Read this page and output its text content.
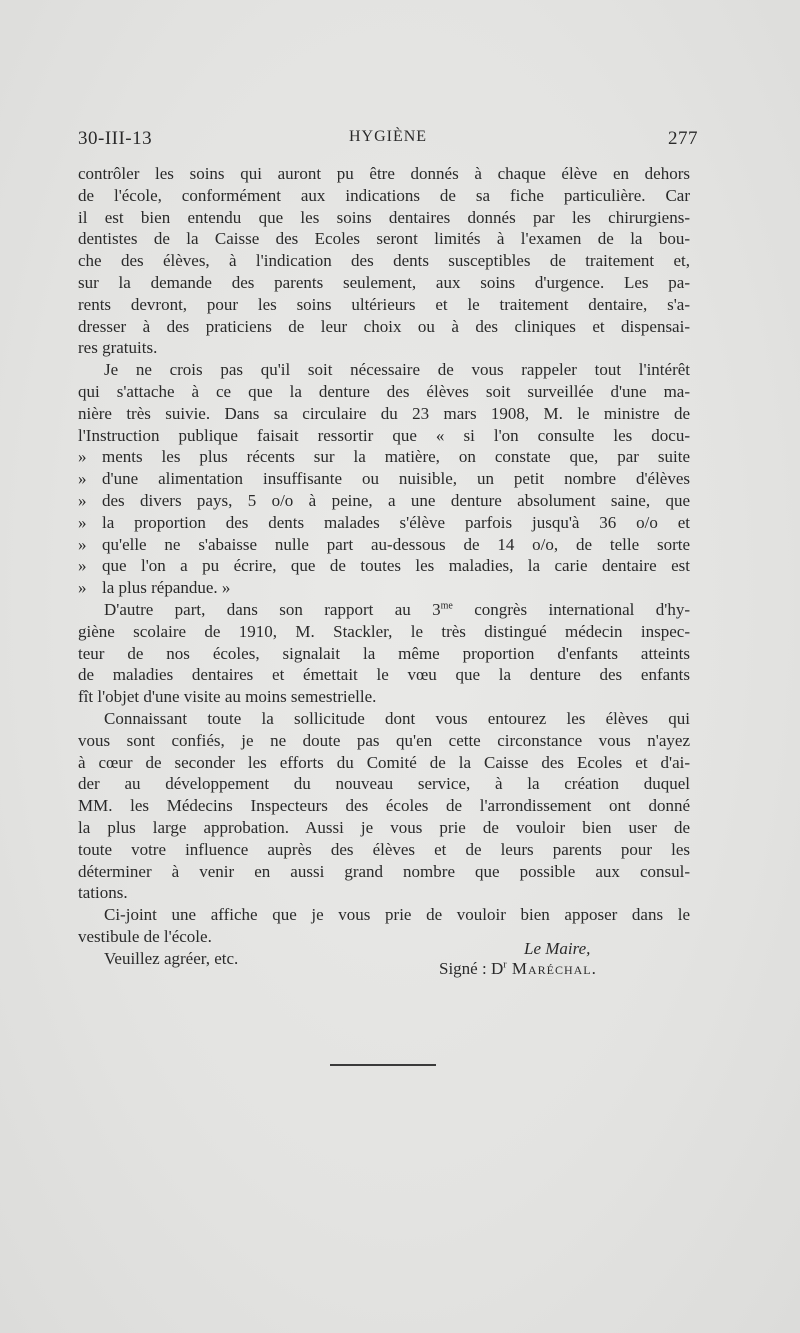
30-III-13	HYGIÈNE	277

contrôler les soins qui auront pu être donnés à chaque élève en dehors
de l'école, conformément aux indications de sa fiche particulière. Car
il est bien entendu que les soins dentaires donnés par les chirurgiens-
dentistes de la Caisse des Ecoles seront limités à l'examen de la bou-
che des élèves, à l'indication des dents susceptibles de traitement et,
sur la demande des parents seulement, aux soins d'urgence. Les pa-
rents devront, pour les soins ultérieurs et le traitement dentaire, s'a-
dresser à des praticiens de leur choix ou à des cliniques et dispensai-
res gratuits.

Je ne crois pas qu'il soit nécessaire de vous rappeler tout l'intérêt
qui s'attache à ce que la denture des élèves soit surveillée d'une ma-
nière très suivie. Dans sa circulaire du 23 mars 1908, M. le ministre de
l'Instruction publique faisait ressortir que « si l'on consulte les docu-

» ments les plus récents sur la matière, on constate que, par suite
» d'une alimentation insuffisante ou nuisible, un petit nombre d'élèves
» des divers pays, 5 o/o à peine, a une denture absolument saine, que
» la proportion des dents malades s'élève parfois jusqu'à 36 o/o et
» qu'elle ne s'abaisse nulle part au-dessous de 14 o/o, de telle sorte
» que l'on a pu écrire, que de toutes les maladies, la carie dentaire est
» la plus répandue. »

D'autre part, dans son rapport au $3^{me}$ congrès international d'hy-
giène scolaire de 1910, M. Stackler, le très distingué médecin inspec-
teur de nos écoles, signalait la même proportion d'enfants atteints
de maladies dentaires et émettait le vœu que la denture des enfants
fît l'objet d'une visite au moins semestrielle.

Connaissant toute la sollicitude dont vous entourez les élèves qui
vous sont confiés, je ne doute pas qu'en cette circonstance vous n'ayez
à cœur de seconder les efforts du Comité de la Caisse des Ecoles et d'ai-
der au développement du nouveau service, à la création duquel
MM. les Médecins Inspecteurs des écoles de l'arrondissement ont donné
la plus large approbation. Aussi je vous prie de vouloir bien user de
toute votre influence auprès des élèves et de leurs parents pour les
déterminer à venir en aussi grand nombre que possible aux consul-
tations.

Ci-joint une affiche que je vous prie de vouloir bien apposer dans le
vestibule de l'école.

Veuillez agréer, etc.

Le Maire,
Signé : $D^r$ Maréchal.
